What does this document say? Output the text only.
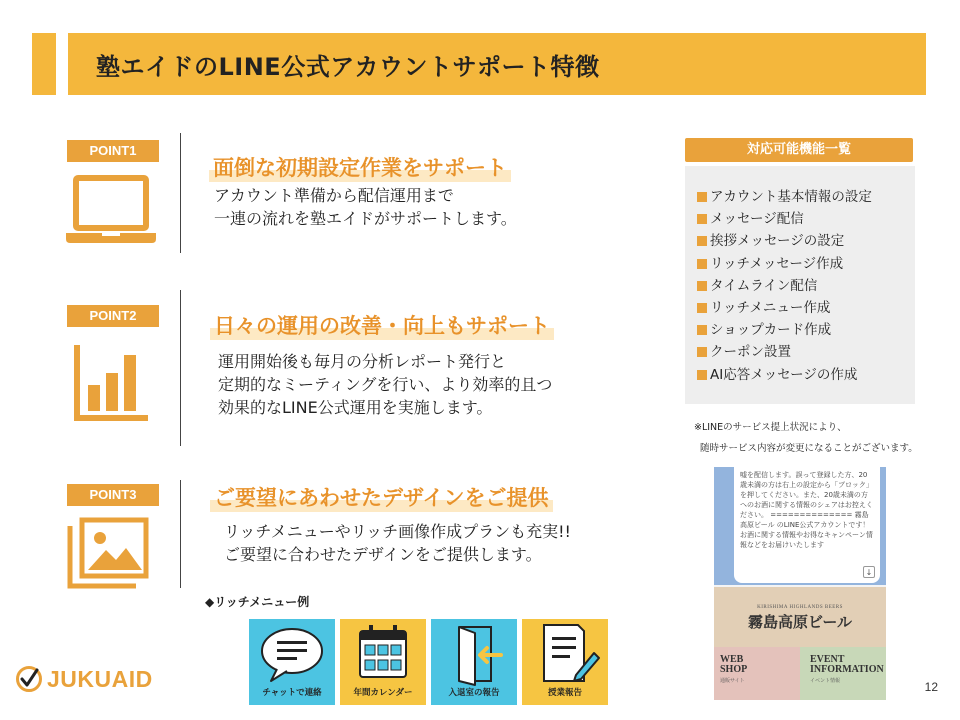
塾エイドのLINE公式アカウントサポート特徴
POINT1
面倒な初期設定作業をサポート
アカウント準備から配信運用まで
一連の流れを塾エイドがサポートします。
POINT2	日々の運用の改善・向上もサポート
運用開始後も毎月の分析レポート発行と
定期的なミーティングを行い、より効率的且つ
効果的なLINE公式運用を実施します。
POINT3	ご要望にあわせたデザインをご提供
リッチメニューやリッチ画像作成プランも充実!!
ご要望に合わせたデザインをご提供します。
対応可能機能一覧
アカウント基本情報の設定
メッセージ配信
挨拶メッセージの設定
リッチメッセージ作成
タイムライン配信
リッチメニュー作成
ショップカード作成
クーポン設置
AI応答メッセージの作成
※LINEのサービス提上状況により、
随時サービス内容が変更になることがございます。
嘘を配信します。誤って登録した方、20歳未満の方は右上の設定から「ブロック」を押してください。また、20歳未満の方へのお酒に関する情報のシェアはお控えください。 ============== 霧島高原ビール のLINE公式アカウントです！お酒に関する情報やお得なキャンペーン情報などをお届けいたします
↓
KIRISHIMA HIGHLANDS BEERS
霧島高原ビール
WEB SHOP
通販サイト
EVENT INFORMATION
イベント情報
◆リッチメニュー例
チャットで連絡	年間カレンダー	入退室の報告	授業報告
JUKUAID	12
